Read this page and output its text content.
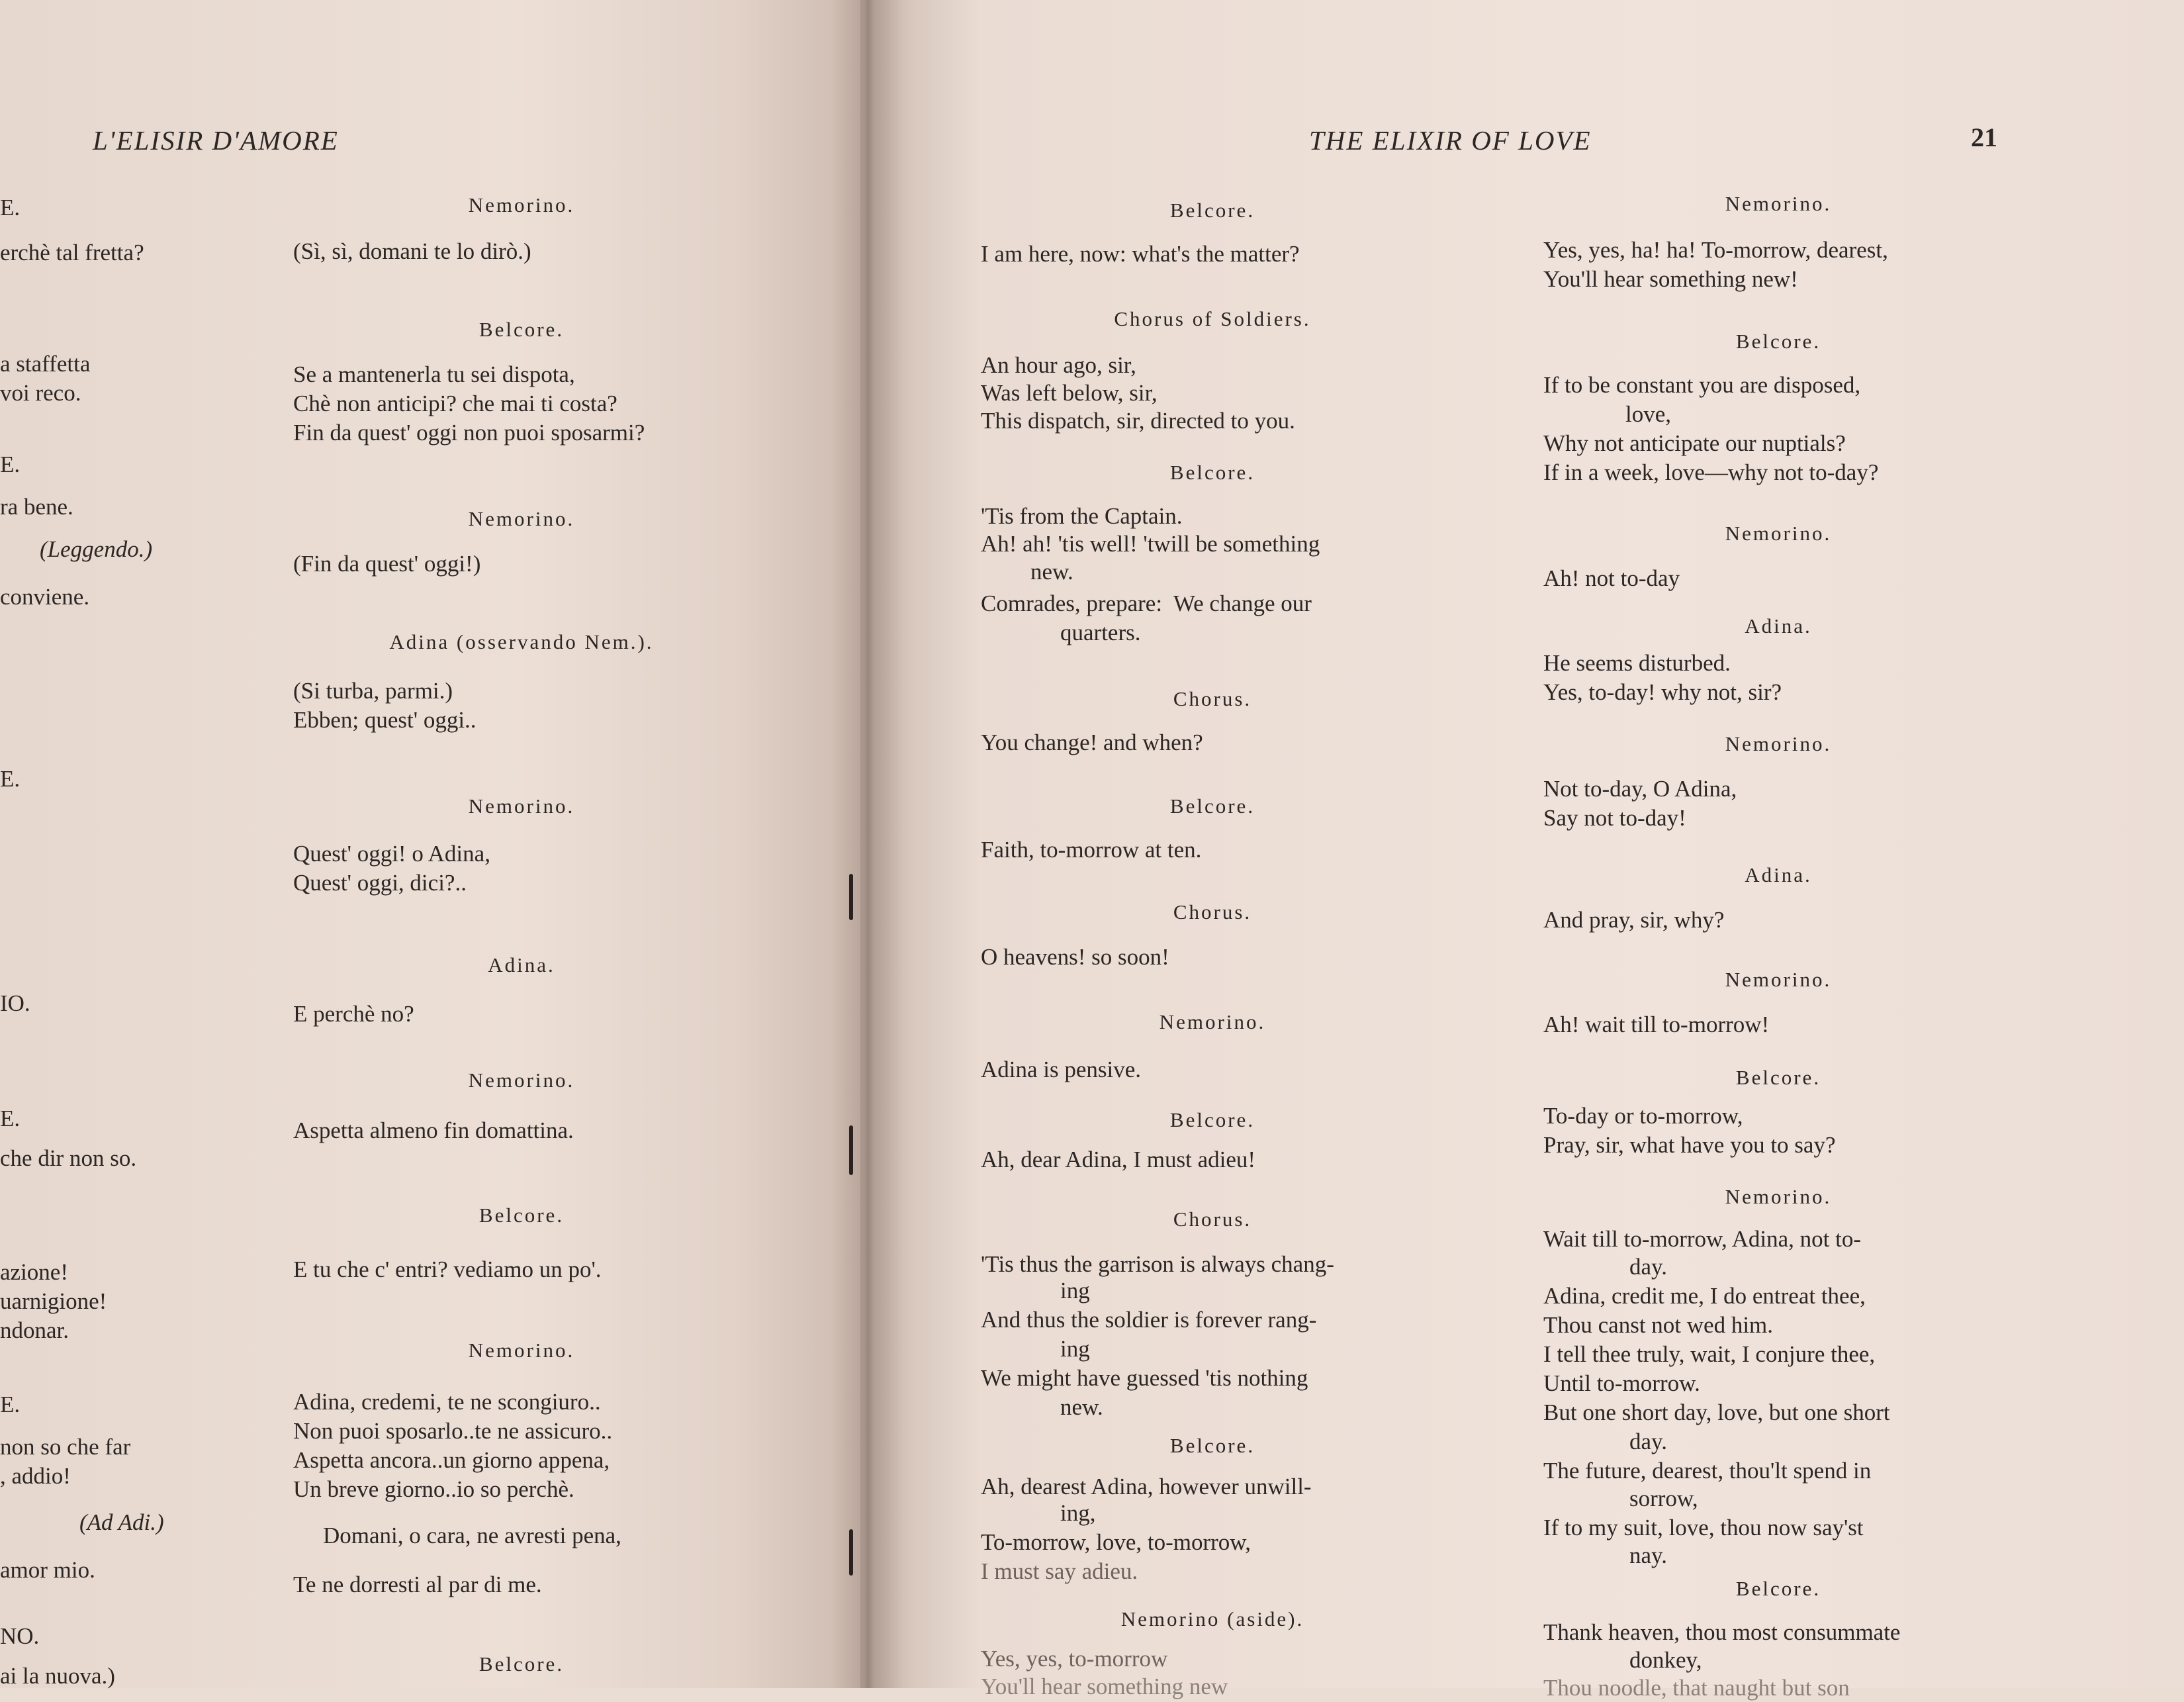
L'ELISIR D'AMORE
E.
erchè tal fretta?
a staffetta
voi reco.
E.
ra bene.
(Leggendo.)
conviene.
E.
IO.
E.
che dir non so.
azione!
uarnigione!
ndonar.
E.
non so che far
, addio!
(Ad Adi.)
amor mio.
NO.
ai la nuova.)
Nemorino.
(Sì, sì, domani te lo dirò.)
Belcore.
Se a mantenerla tu sei dispota,
Chè non anticipi? che mai ti costa?
Fin da quest' oggi non puoi sposarmi?
Nemorino.
(Fin da quest' oggi!)
Adina (osservando Nem.).
(Si turba, parmi.)
Ebben; quest' oggi..
Nemorino.
Quest' oggi! o Adina,
Quest' oggi, dici?..
Adina.
E perchè no?
Nemorino.
Aspetta almeno fin domattina.
Belcore.
E tu che c' entri? vediamo un po'.
Nemorino.
Adina, credemi, te ne scongiuro..
Non puoi sposarlo..te ne assicuro..
Aspetta ancora..un giorno appena,
Un breve giorno..io so perchè.
Domani, o cara, ne avresti pena,
Te ne dorresti al par di me.
Belcore.
THE ELIXIR OF LOVE	21
Belcore.
I am here, now: what's the matter?
Chorus of Soldiers.
An hour ago, sir,
Was left below, sir,
This dispatch, sir, directed to you.
Belcore.
'Tis from the Captain.
Ah! ah! 'tis well! 'twill be something
new.
Comrades, prepare:  We change our
quarters.
Chorus.
You change! and when?
Belcore.
Faith, to-morrow at ten.
Chorus.
O heavens! so soon!
Nemorino.
Adina is pensive.
Belcore.
Ah, dear Adina, I must adieu!
Chorus.
'Tis thus the garrison is always chang-
ing
And thus the soldier is forever rang-
ing
We might have guessed 'tis nothing
new.
Belcore.
Ah, dearest Adina, however unwill-
ing,
To-morrow, love, to-morrow,
I must say adieu.
Nemorino (aside).
Yes, yes, to-morrow
You'll hear something new
Nemorino.
Yes, yes, ha! ha! To-morrow, dearest,
You'll hear something new!
Belcore.
If to be constant you are disposed,
love,
Why not anticipate our nuptials?
If in a week, love—why not to-day?
Nemorino.
Ah! not to-day
Adina.
He seems disturbed.
Yes, to-day! why not, sir?
Nemorino.
Not to-day, O Adina,
Say not to-day!
Adina.
And pray, sir, why?
Nemorino.
Ah! wait till to-morrow!
Belcore.
To-day or to-morrow,
Pray, sir, what have you to say?
Nemorino.
Wait till to-morrow, Adina, not to-
day.
Adina, credit me, I do entreat thee,
Thou canst not wed him.
I tell thee truly, wait, I conjure thee,
Until to-morrow.
But one short day, love, but one short
day.
The future, dearest, thou'lt spend in
sorrow,
If to my suit, love, thou now say'st
nay.
Belcore.
Thank heaven, thou most consummate
donkey,
Thou noodle, that naught but son
